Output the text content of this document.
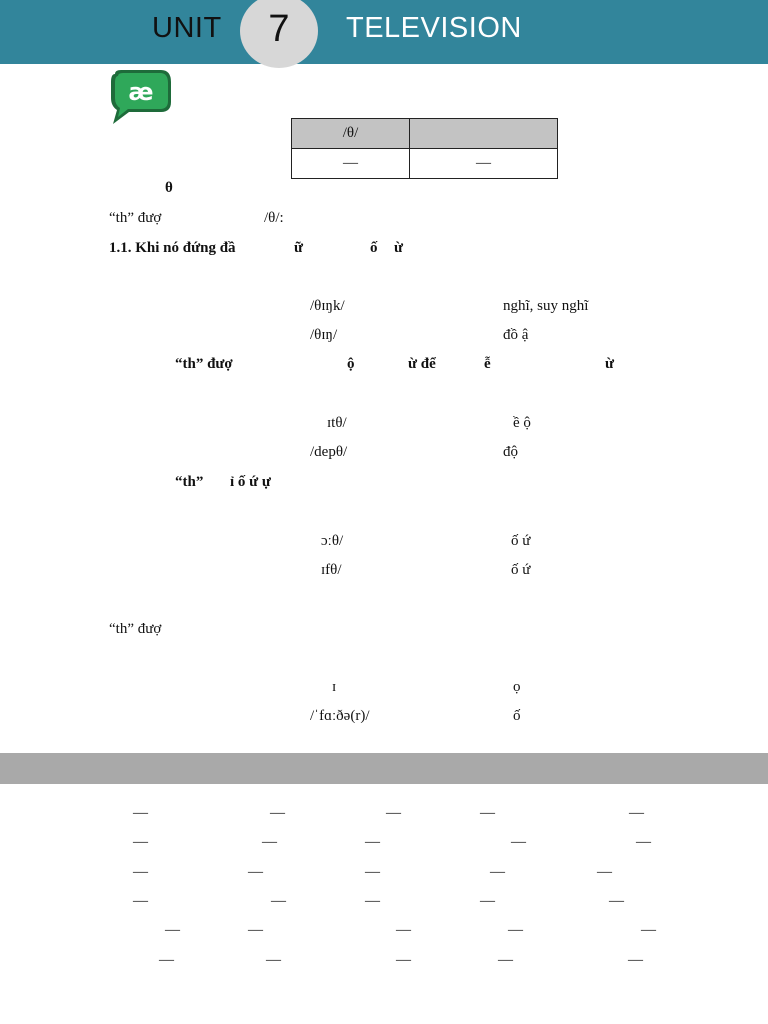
UNIT	7	TELEVISION
æ
/θ/	
—	—
θ
“th” đượ	/θ/:
1.1. Khi nó đứng đầ	ữ	ố ừ
/θɪŋk/	nghĩ, suy nghĩ
/θɪŋ/	đồ ậ
“th” đượ	ộ	ừ để	ễ	ừ
ɪtθ/	ề ộ
/depθ/	độ
“th” ỉ ố ứ ự
ɔːθ/	ố ứ
ɪfθ/	ố ứ
“th” đượ
ɪ	ọ
/ˈfɑːðə(r)/	ố
—	—	—	—	—
—	—	—	—	—
—	—	—	—	—
—	—	—	—	—
—	—	—	—	—
—	—	—	—	—
